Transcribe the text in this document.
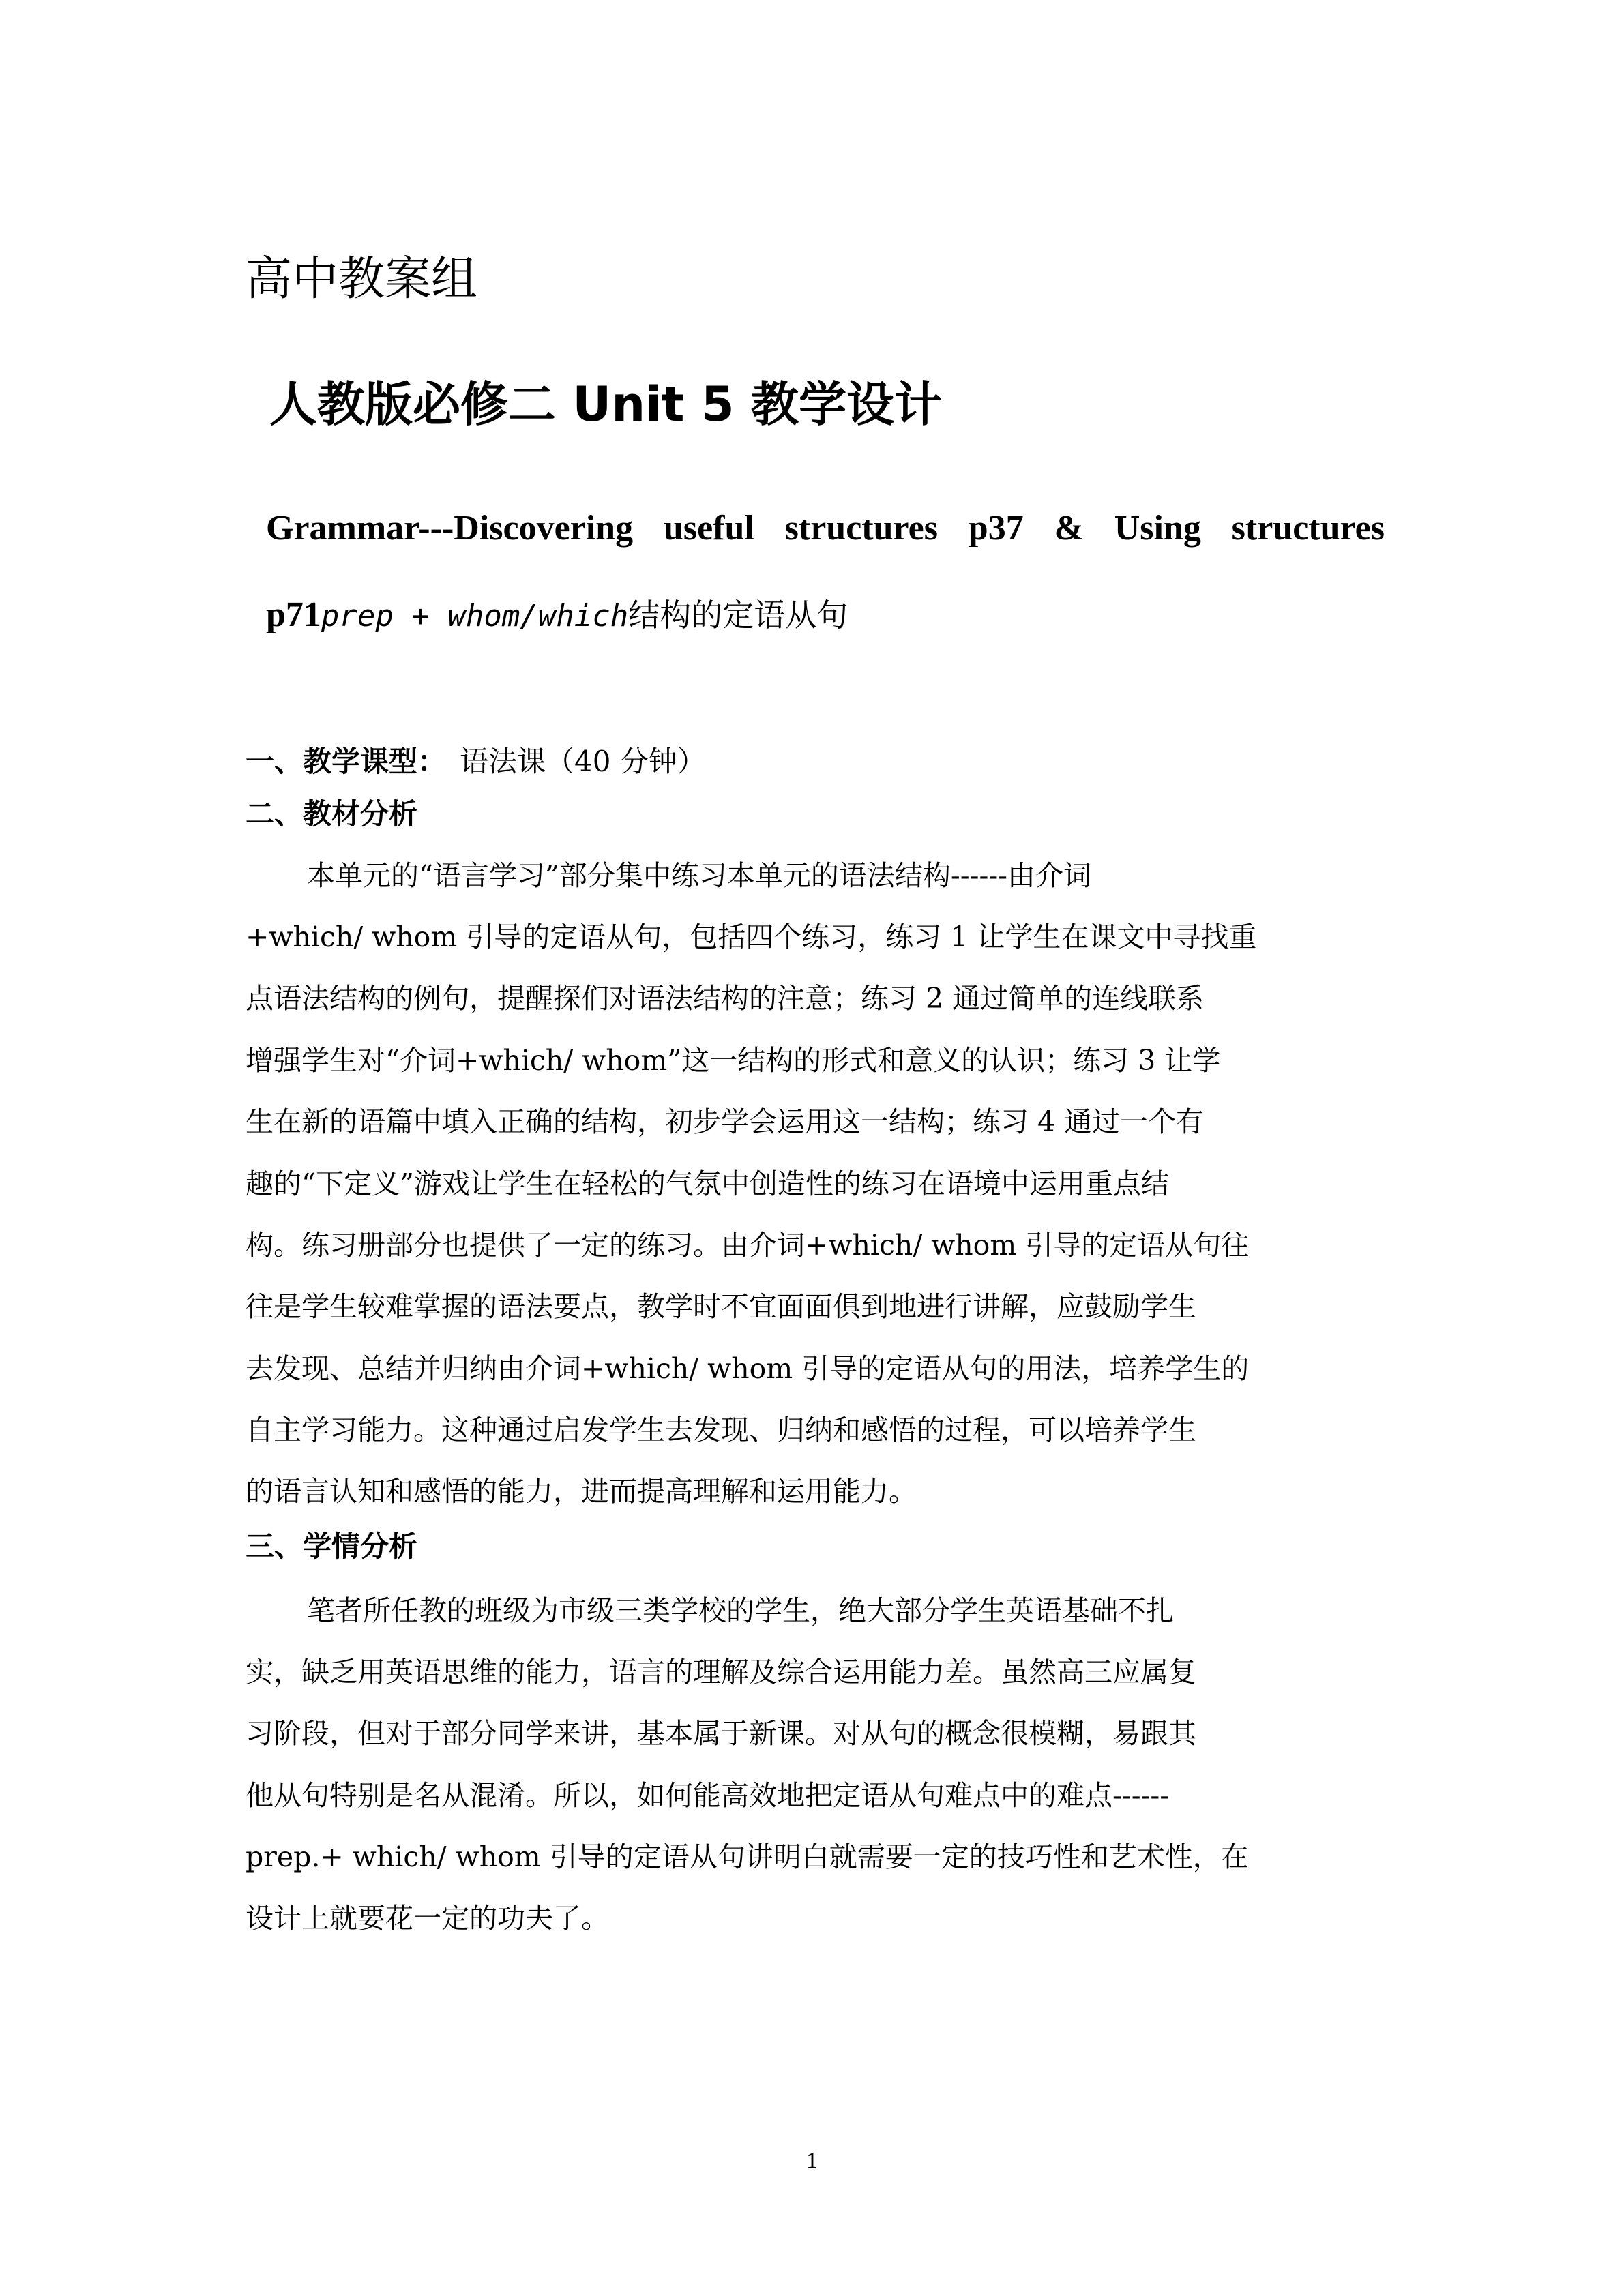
高中教案组
人教版必修二 Unit 5 教学设计
Grammar---Discovering useful structures p37 & Using structures
p71prep + whom/which结构的定语从句
一、教学课型： 语法课（40 分钟）
二、教材分析
本单元的“语言学习”部分集中练习本单元的语法结构------由介词
+which/ whom 引导的定语从句，包括四个练习，练习 1 让学生在课文中寻找重
点语法结构的例句，提醒探们对语法结构的注意；练习 2 通过简单的连线联系
增强学生对“介词+which/ whom”这一结构的形式和意义的认识；练习 3 让学
生在新的语篇中填入正确的结构，初步学会运用这一结构；练习 4 通过一个有
趣的“下定义”游戏让学生在轻松的气氛中创造性的练习在语境中运用重点结
构。练习册部分也提供了一定的练习。由介词+which/ whom 引导的定语从句往
往是学生较难掌握的语法要点，教学时不宜面面俱到地进行讲解，应鼓励学生
去发现、总结并归纳由介词+which/ whom 引导的定语从句的用法，培养学生的
自主学习能力。这种通过启发学生去发现、归纳和感悟的过程，可以培养学生
的语言认知和感悟的能力，进而提高理解和运用能力。
三、学情分析
笔者所任教的班级为市级三类学校的学生，绝大部分学生英语基础不扎
实，缺乏用英语思维的能力，语言的理解及综合运用能力差。虽然高三应属复
习阶段，但对于部分同学来讲，基本属于新课。对从句的概念很模糊，易跟其
他从句特别是名从混淆。所以，如何能高效地把定语从句难点中的难点------
prep.+ which/ whom 引导的定语从句讲明白就需要一定的技巧性和艺术性，在
设计上就要花一定的功夫了。
1
